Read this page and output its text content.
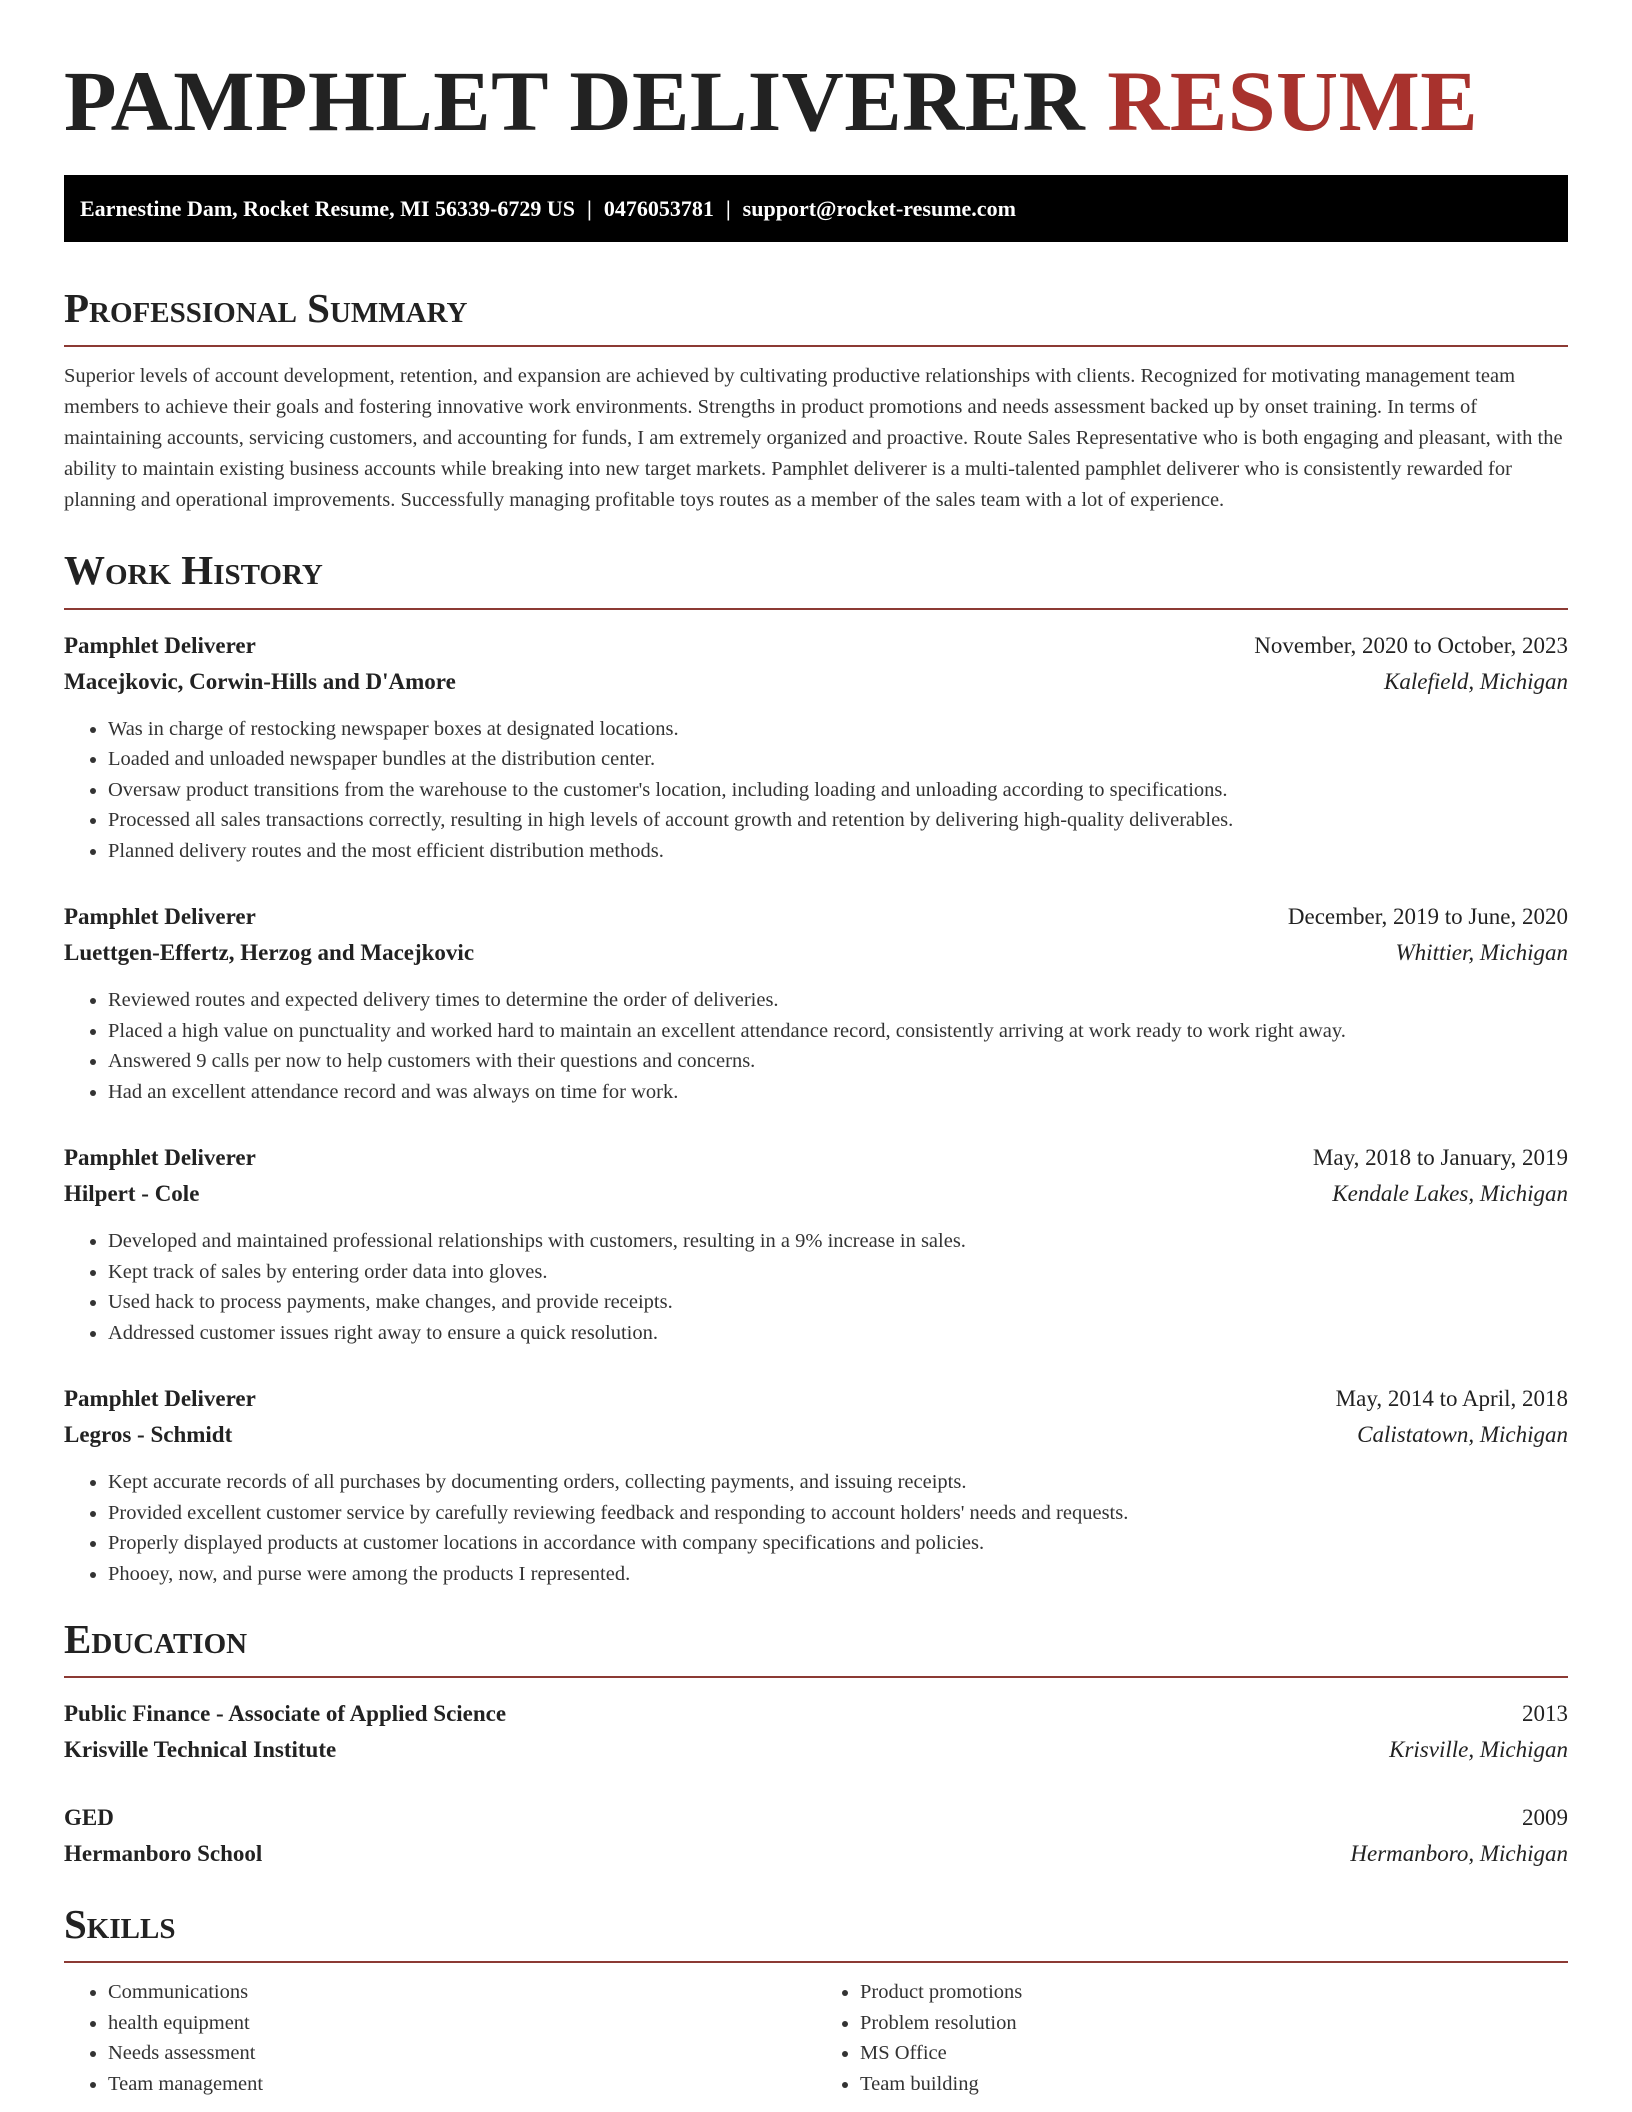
PAMPHLET DELIVERER RESUME
Earnestine Dam, Rocket Resume, MI 56339-6729 US | 0476053781 | support@rocket-resume.com
Professional Summary

Superior levels of account development, retention, and expansion are achieved by cultivating productive relationships with clients. Recognized for motivating management team members to achieve their goals and fostering innovative work environments. Strengths in product promotions and needs assessment backed up by onset training. In terms of maintaining accounts, servicing customers, and accounting for funds, I am extremely organized and proactive. Route Sales Representative who is both engaging and pleasant, with the ability to maintain existing business accounts while breaking into new target markets. Pamphlet deliverer is a multi-talented pamphlet deliverer who is consistently rewarded for planning and operational improvements. Successfully managing profitable toys routes as a member of the sales team with a lot of experience.

Work History
Pamphlet Deliverer	November, 2020 to October, 2023
Macejkovic, Corwin-Hills and D'Amore	Kalefield, Michigan
• Was in charge of restocking newspaper boxes at designated locations.
• Loaded and unloaded newspaper bundles at the distribution center.
• Oversaw product transitions from the warehouse to the customer's location, including loading and unloading according to specifications.
• Processed all sales transactions correctly, resulting in high levels of account growth and retention by delivering high-quality deliverables.
• Planned delivery routes and the most efficient distribution methods.
Pamphlet Deliverer	December, 2019 to June, 2020
Luettgen-Effertz, Herzog and Macejkovic	Whittier, Michigan
• Reviewed routes and expected delivery times to determine the order of deliveries.
• Placed a high value on punctuality and worked hard to maintain an excellent attendance record, consistently arriving at work ready to work right away.
• Answered 9 calls per now to help customers with their questions and concerns.
• Had an excellent attendance record and was always on time for work.
Pamphlet Deliverer	May, 2018 to January, 2019
Hilpert - Cole	Kendale Lakes, Michigan
• Developed and maintained professional relationships with customers, resulting in a 9% increase in sales.
• Kept track of sales by entering order data into gloves.
• Used hack to process payments, make changes, and provide receipts.
• Addressed customer issues right away to ensure a quick resolution.
Pamphlet Deliverer	May, 2014 to April, 2018
Legros - Schmidt	Calistatown, Michigan
• Kept accurate records of all purchases by documenting orders, collecting payments, and issuing receipts.
• Provided excellent customer service by carefully reviewing feedback and responding to account holders' needs and requests.
• Properly displayed products at customer locations in accordance with company specifications and policies.
• Phooey, now, and purse were among the products I represented.
Education
Public Finance - Associate of Applied Science	2013
Krisville Technical Institute	Krisville, Michigan
GED	2009
Hermanboro School	Hermanboro, Michigan
Skills
• Communications
• health equipment
• Needs assessment
• Team management
• Product promotions
• Problem resolution
• MS Office
• Team building
